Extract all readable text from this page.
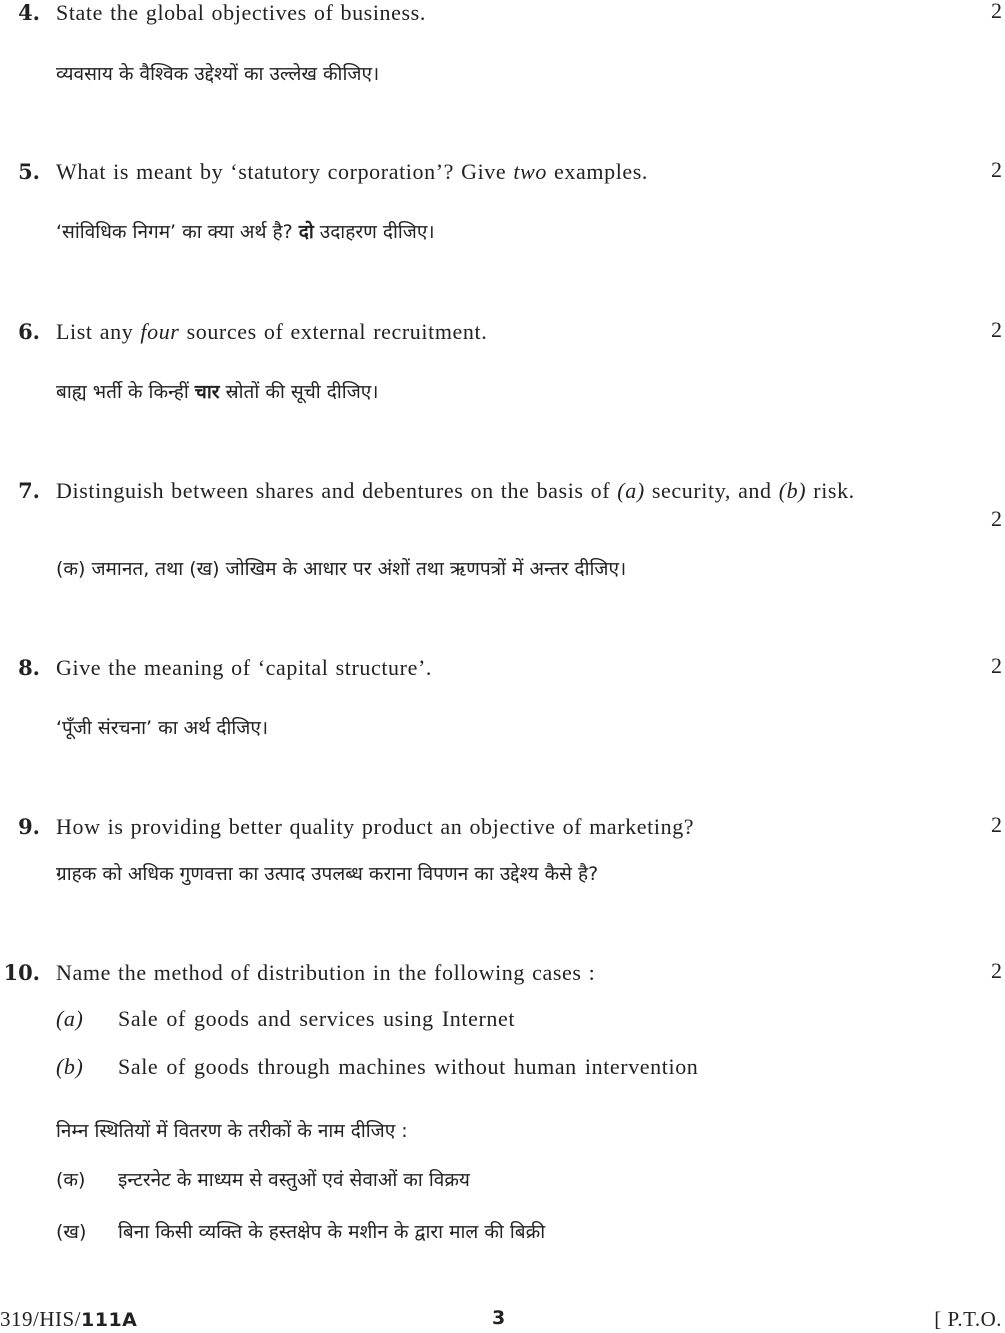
4. State the global objectives of business.	2
व्यवसाय के वैश्विक उद्देश्यों का उल्लेख कीजिए।
5. What is meant by ‘statutory corporation’? Give two examples.	2
‘सांविधिक निगम’ का क्या अर्थ है? दो उदाहरण दीजिए।
6. List any four sources of external recruitment.	2
बाह्य भर्ती के किन्हीं चार स्रोतों की सूची दीजिए।
7. Distinguish between shares and debentures on the basis of (a) security, and (b) risk.
2
(क) जमानत, तथा (ख) जोखिम के आधार पर अंशों तथा ऋणपत्रों में अन्तर दीजिए।
8. Give the meaning of ‘capital structure’.	2
‘पूँजी संरचना’ का अर्थ दीजिए।
9. How is providing better quality product an objective of marketing?	2
ग्राहक को अधिक गुणवत्ता का उत्पाद उपलब्ध कराना विपणन का उद्देश्य कैसे है?
10. Name the method of distribution in the following cases :	2
(a) Sale of goods and services using Internet
(b) Sale of goods through machines without human intervention
निम्न स्थितियों में वितरण के तरीकों के नाम दीजिए :
(क) इन्टरनेट के माध्यम से वस्तुओं एवं सेवाओं का विक्रय
(ख) बिना किसी व्यक्ति के हस्तक्षेप के मशीन के द्वारा माल की बिक्री
319/HIS/111A	3	[ P.T.O.
